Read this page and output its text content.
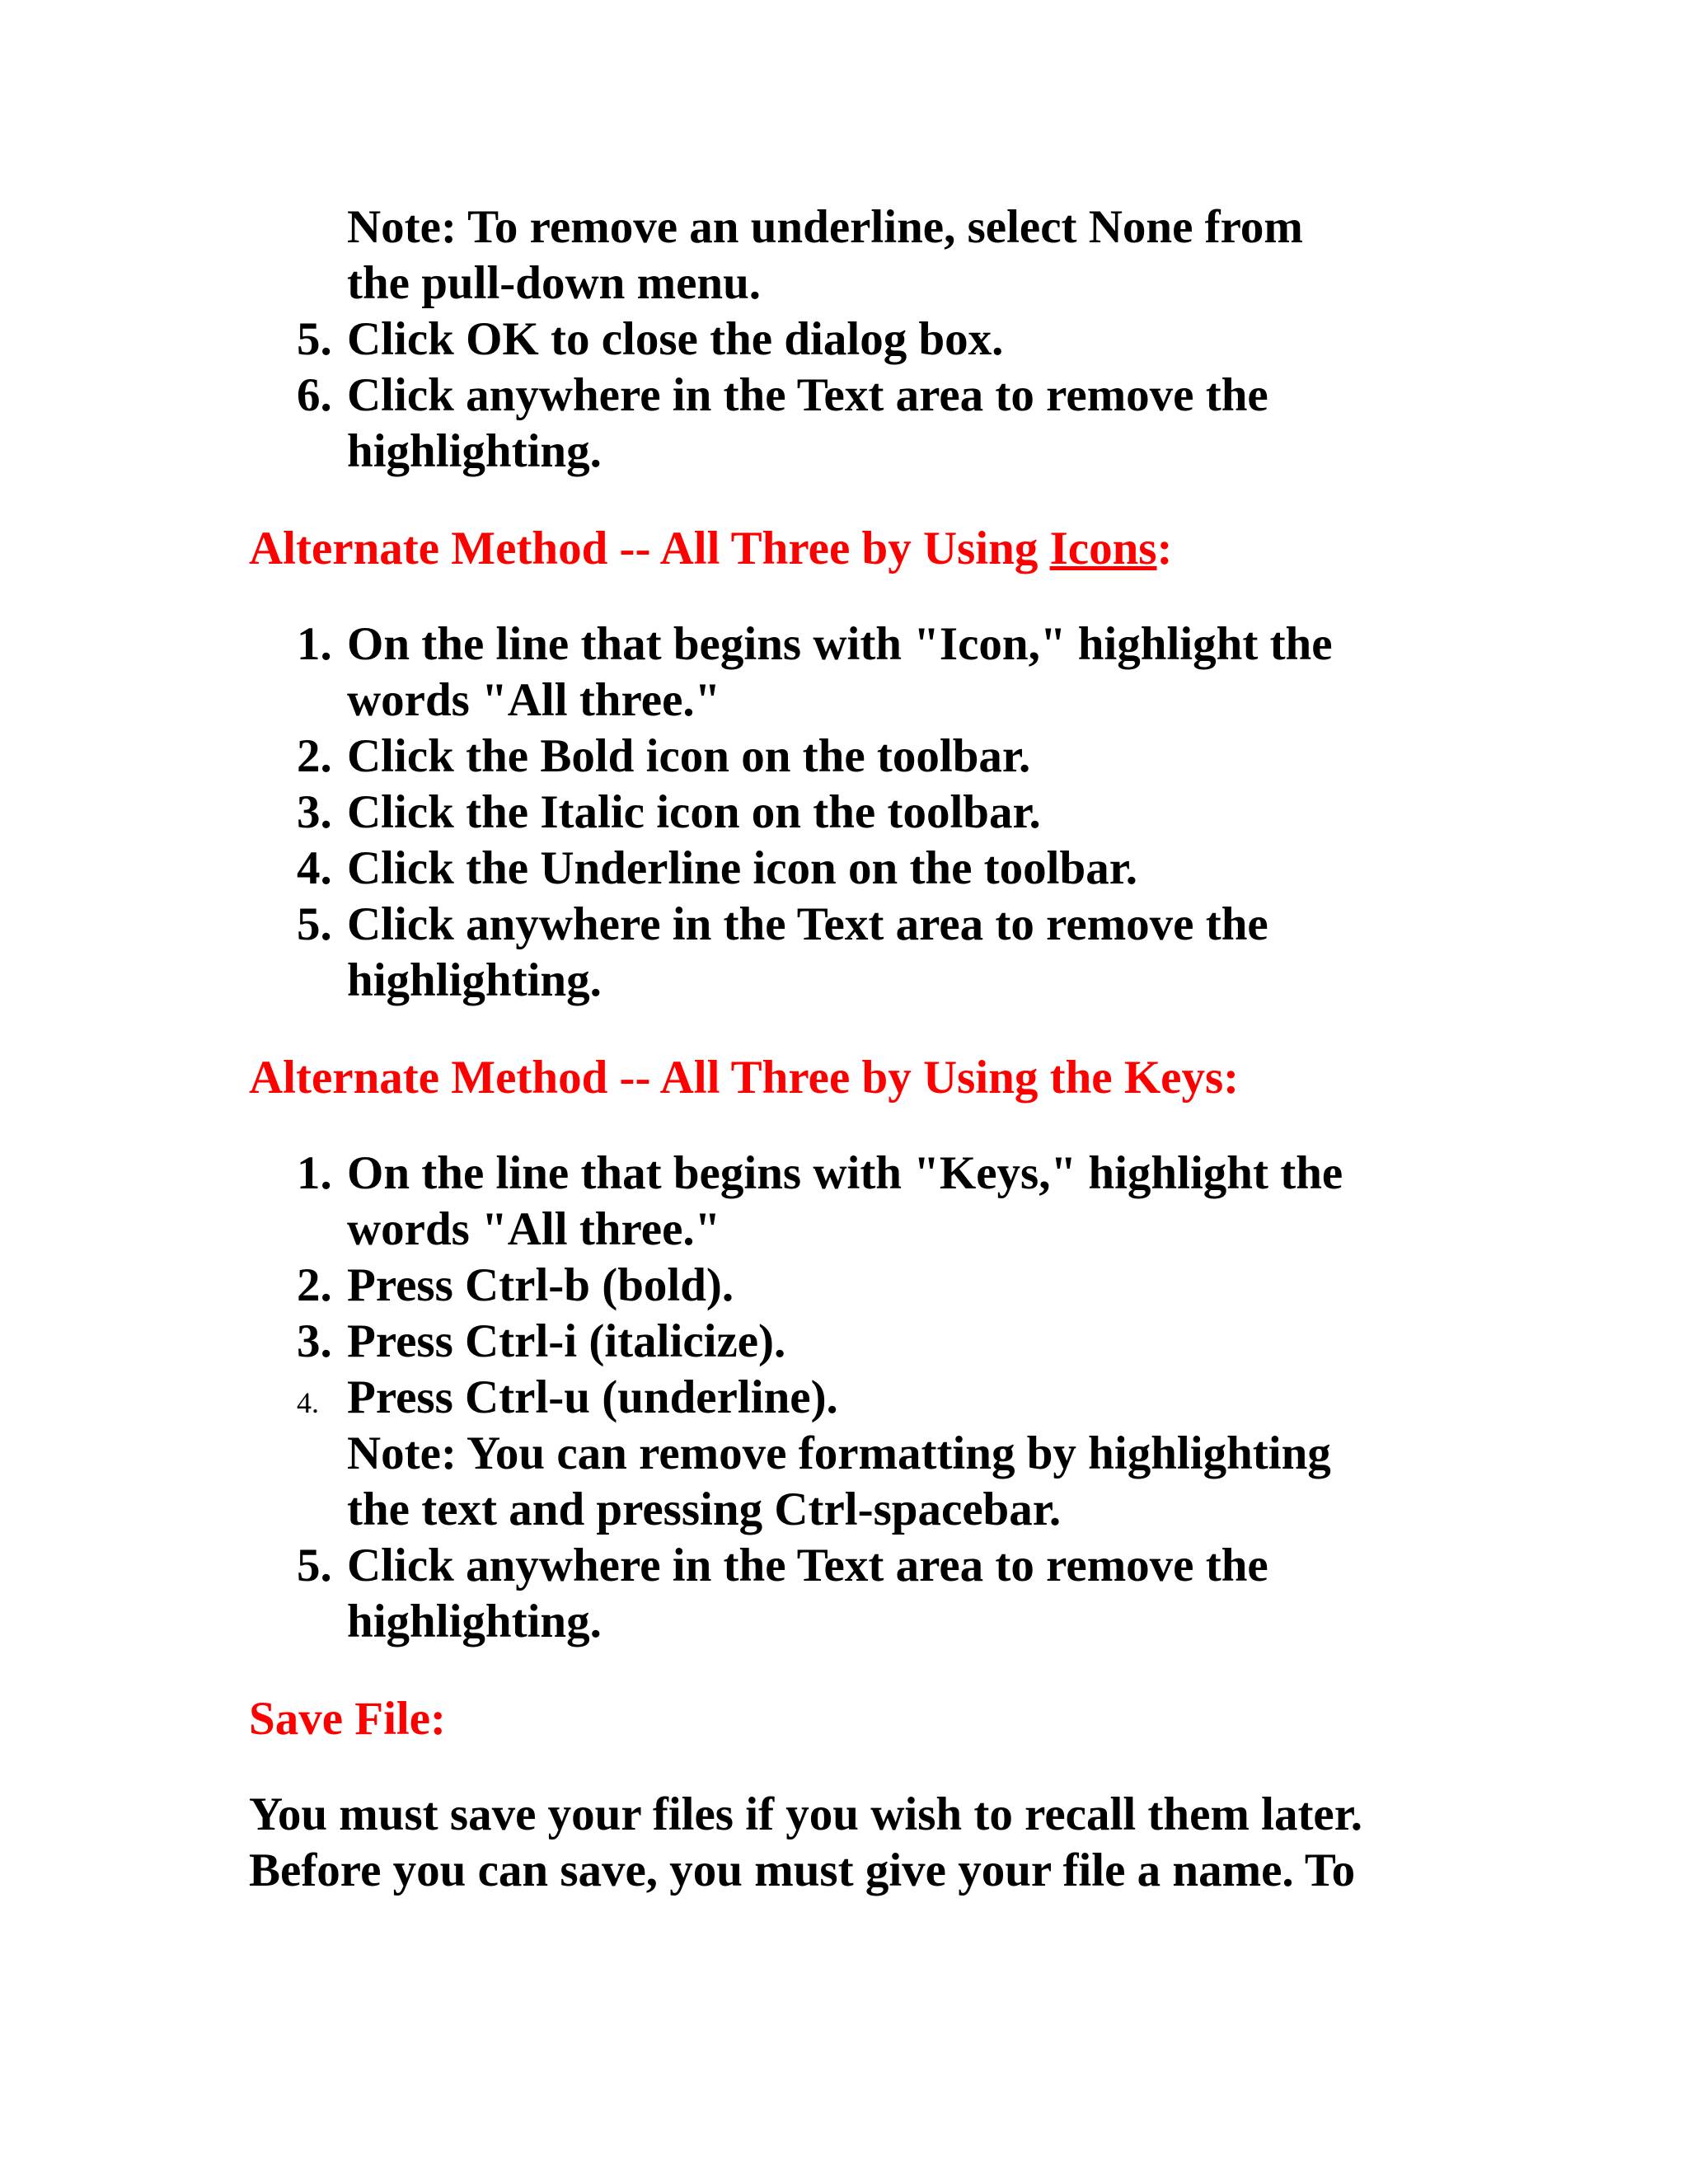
Note: To remove an underline, select None from
the pull-down menu.
5. Click OK to close the dialog box.
6. Click anywhere in the Text area to remove the
highlighting.
Alternate Method -- All Three by Using Icons:
1. On the line that begins with "Icon," highlight the
words "All three."
2. Click the Bold icon on the toolbar.
3. Click the Italic icon on the toolbar.
4. Click the Underline icon on the toolbar.
5. Click anywhere in the Text area to remove the
highlighting.
Alternate Method -- All Three by Using the Keys:
1. On the line that begins with "Keys," highlight the
words "All three."
2. Press Ctrl-b (bold).
3. Press Ctrl-i (italicize).
4. Press Ctrl-u (underline).
Note: You can remove formatting by highlighting
the text and pressing Ctrl-spacebar.
5. Click anywhere in the Text area to remove the
highlighting.
Save File:
You must save your files if you wish to recall them later.
Before you can save, you must give your file a name. To
